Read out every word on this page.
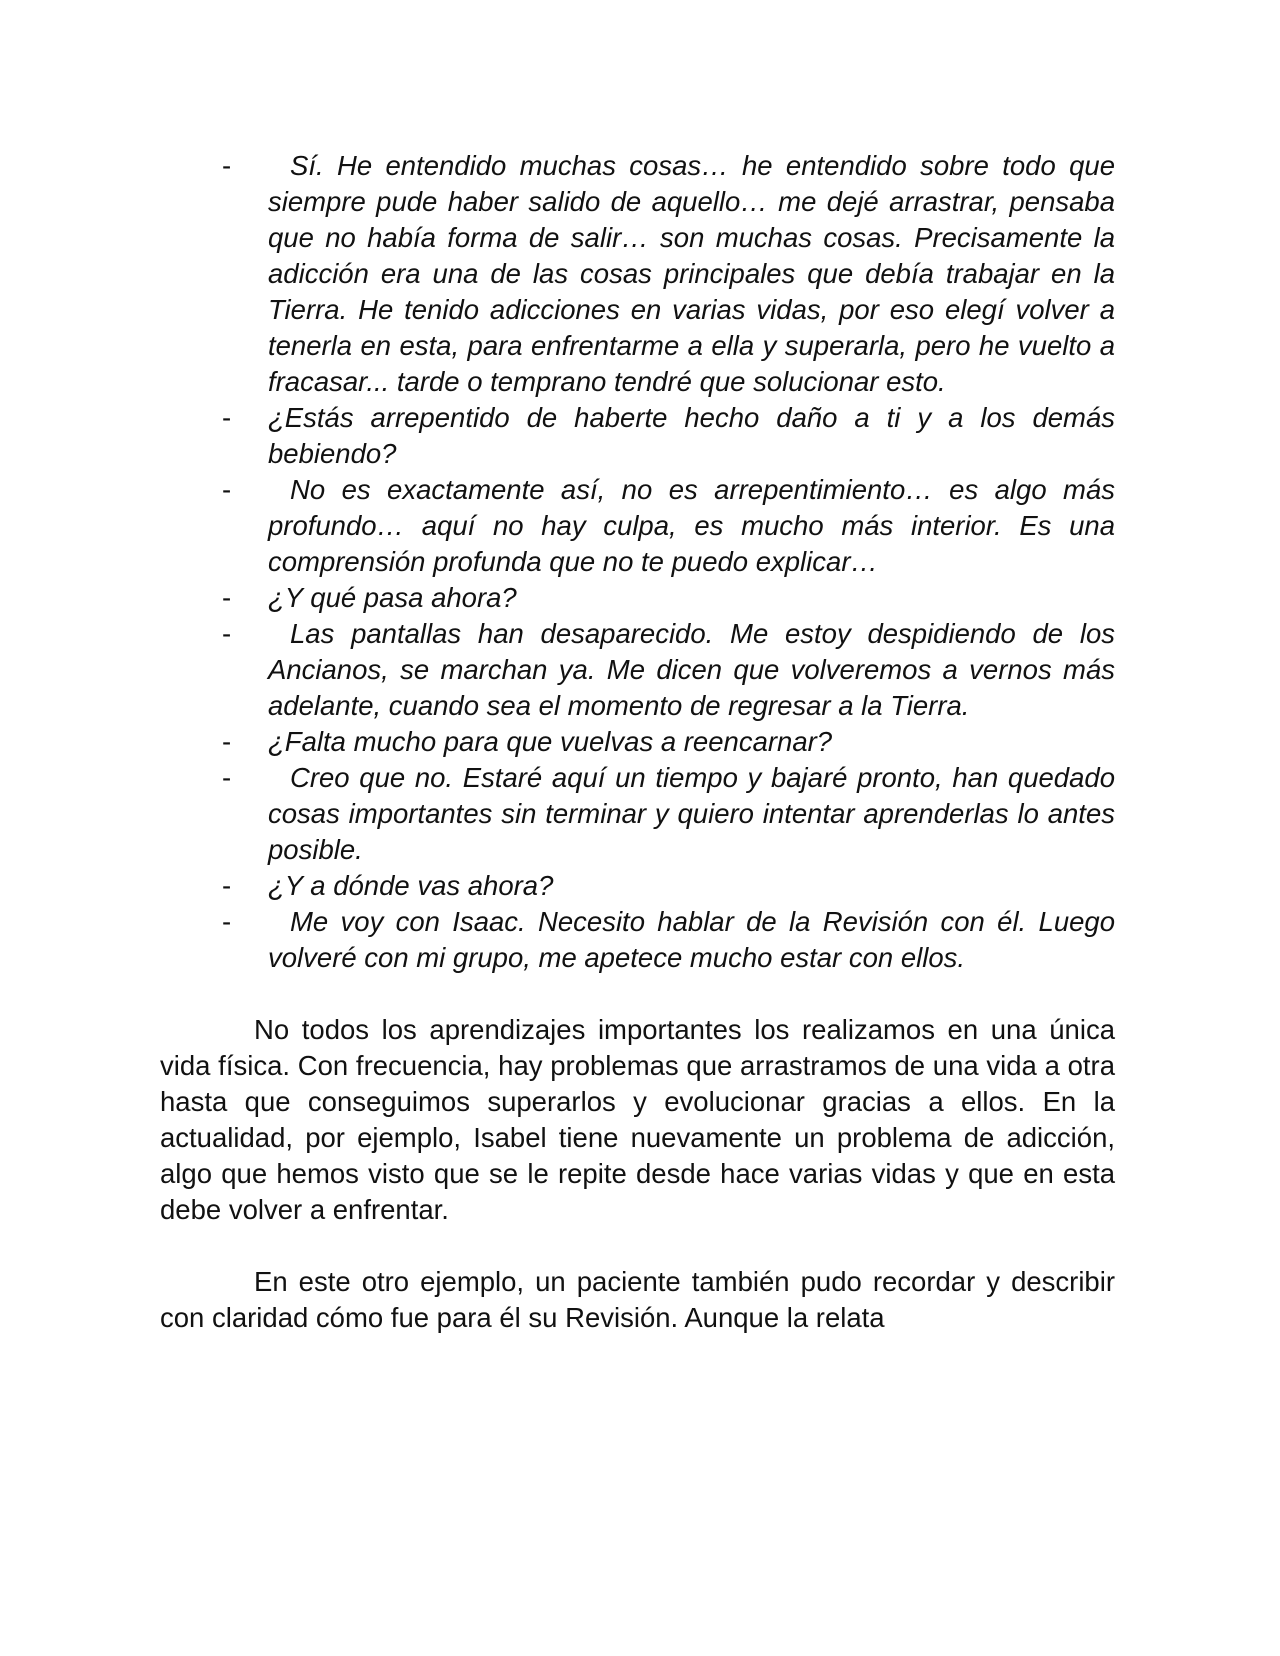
-	Sí. He entendido muchas cosas… he entendido sobre todo que siempre pude haber salido de aquello… me dejé arrastrar, pensaba que no había forma de salir… son muchas cosas. Precisamente la adicción era una de las cosas principales que debía trabajar en la Tierra. He tenido adicciones en varias vidas, por eso elegí volver a tenerla en esta, para enfrentarme a ella y superarla, pero he vuelto a fracasar... tarde o temprano tendré que solucionar esto.
- ¿Estás arrepentido de haberte hecho daño a ti y a los demás bebiendo?
-	No es exactamente así, no es arrepentimiento… es algo más profundo… aquí no hay culpa, es mucho más interior. Es una comprensión profunda que no te puedo explicar…
- ¿Y qué pasa ahora?
-	Las pantallas han desaparecido. Me estoy despidiendo de los Ancianos, se marchan ya. Me dicen que volveremos a vernos más adelante, cuando sea el momento de regresar a la Tierra.
- ¿Falta mucho para que vuelvas a reencarnar?
-	Creo que no. Estaré aquí un tiempo y bajaré pronto, han quedado cosas importantes sin terminar y quiero intentar aprenderlas lo antes posible.
- ¿Y a dónde vas ahora?
-	Me voy con Isaac. Necesito hablar de la Revisión con él. Luego volveré con mi grupo, me apetece mucho estar con ellos.

No todos los aprendizajes importantes los realizamos en una única vida física. Con frecuencia, hay problemas que arrastramos de una vida a otra hasta que conseguimos superarlos y evolucionar gracias a ellos. En la actualidad, por ejemplo, Isabel tiene nuevamente un problema de adicción, algo que hemos visto que se le repite desde hace varias vidas y que en esta debe volver a enfrentar.

En este otro ejemplo, un paciente también pudo recordar y describir con claridad cómo fue para él su Revisión. Aunque la relata
